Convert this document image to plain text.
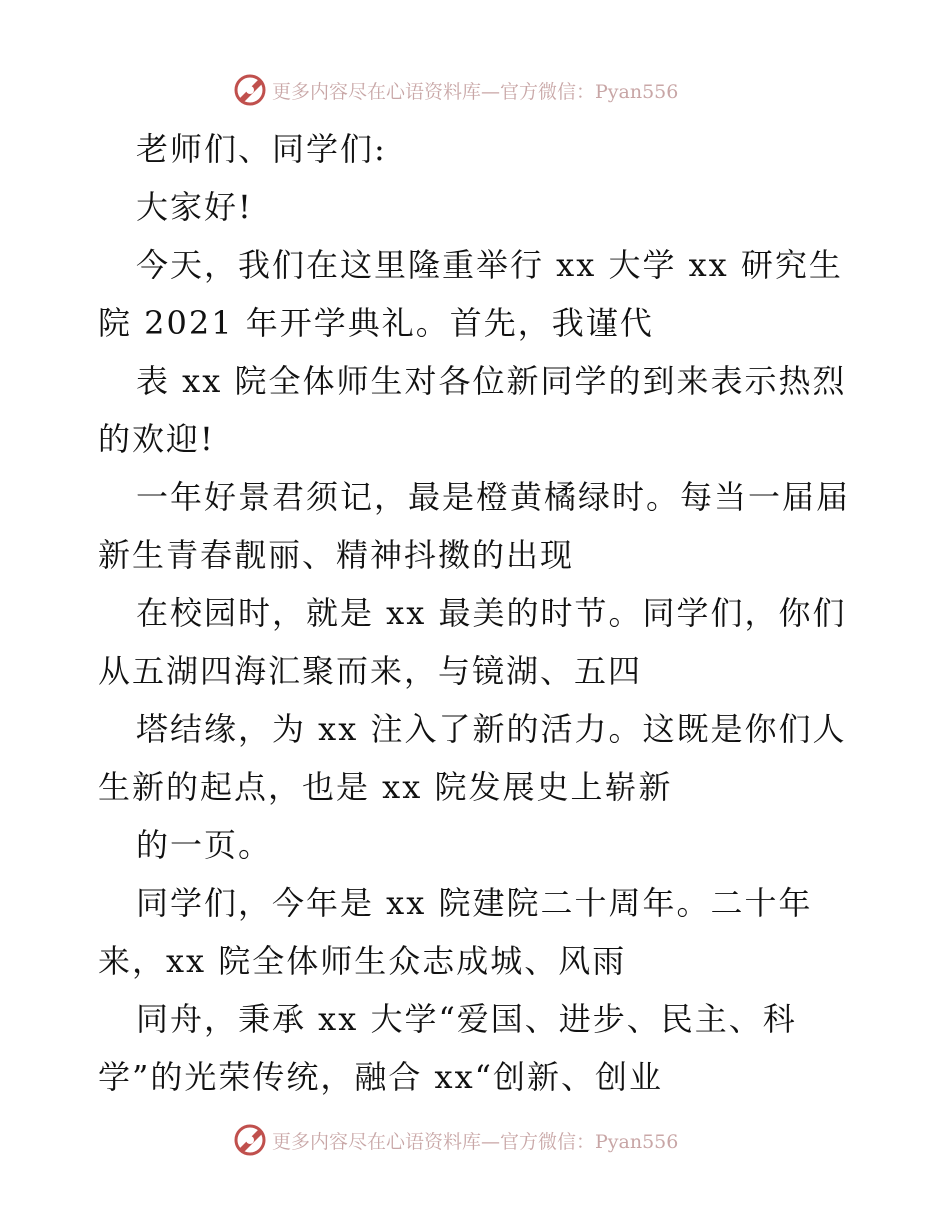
更多内容尽在心语资料库—官方微信：Pyan556
老师们、同学们:
大家好!
今天，我们在这里隆重举行 xx 大学 xx 研究生
院 2021 年开学典礼。首先，我谨代
表 xx 院全体师生对各位新同学的到来表示热烈
的欢迎!
一年好景君须记，最是橙黄橘绿时。每当一届届
新生青春靓丽、精神抖擞的出现
在校园时，就是 xx 最美的时节。同学们，你们
从五湖四海汇聚而来，与镜湖、五四
塔结缘，为 xx 注入了新的活力。这既是你们人
生新的起点，也是 xx 院发展史上崭新
的一页。
同学们，今年是 xx 院建院二十周年。二十年
来，xx 院全体师生众志成城、风雨
同舟，秉承 xx 大学“爱国、进步、民主、科
学”的光荣传统，融合 xx“创新、创业
更多内容尽在心语资料库—官方微信：Pyan556
